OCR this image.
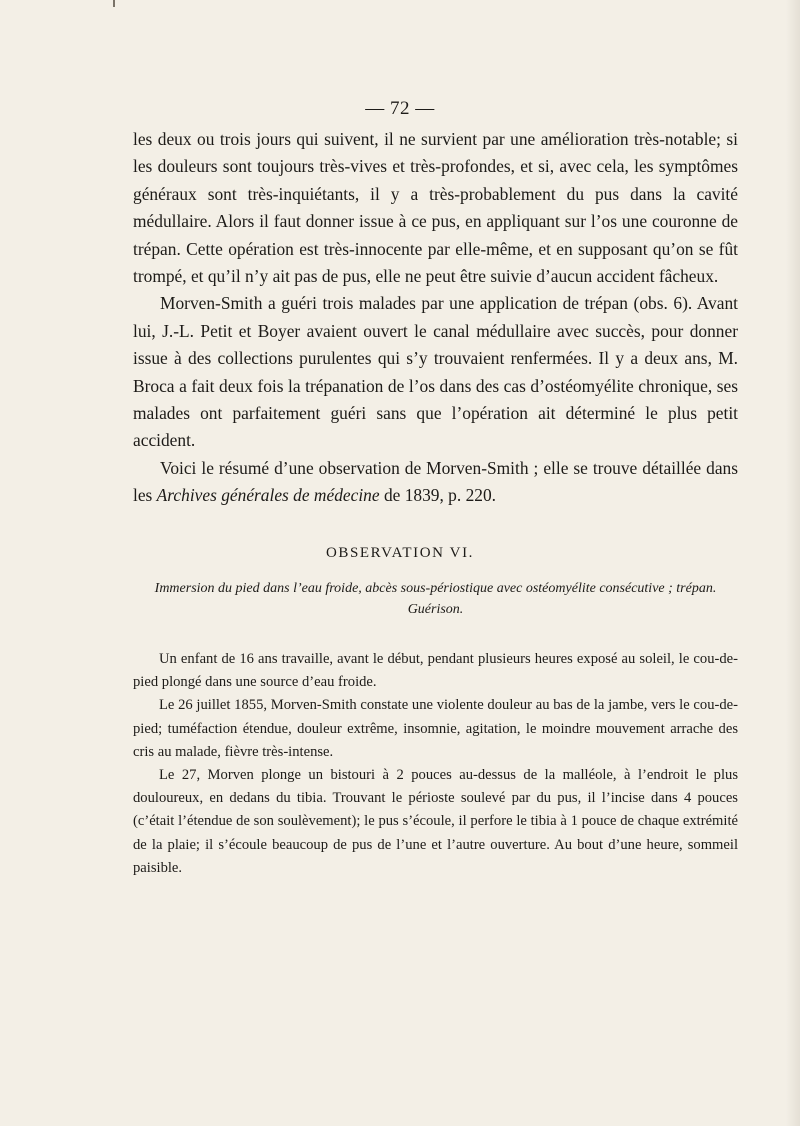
— 72 —

les deux ou trois jours qui suivent, il ne survient par une amélioration très-notable; si les douleurs sont toujours très-vives et très-profondes, et si, avec cela, les symptômes généraux sont très-inquiétants, il y a très-probablement du pus dans la cavité médullaire. Alors il faut donner issue à ce pus, en appliquant sur l’os une couronne de trépan. Cette opération est très-innocente par elle-même, et en supposant qu’on se fût trompé, et qu’il n’y ait pas de pus, elle ne peut être suivie d’aucun accident fâcheux.

Morven-Smith a guéri trois malades par une application de trépan (obs. 6). Avant lui, J.-L. Petit et Boyer avaient ouvert le canal médullaire avec succès, pour donner issue à des collections purulentes qui s’y trouvaient renfermées. Il y a deux ans, M. Broca a fait deux fois la trépanation de l’os dans des cas d’ostéomyélite chronique, ses malades ont parfaitement guéri sans que l’opération ait déterminé le plus petit accident.

Voici le résumé d’une observation de Morven-Smith ; elle se trouve détaillée dans les Archives générales de médecine de 1839, p. 220.

OBSERVATION VI.
Immersion du pied dans l’eau froide, abcès sous-périostique avec ostéomyélite consécutive ; trépan. Guérison.

Un enfant de 16 ans travaille, avant le début, pendant plusieurs heures exposé au soleil, le cou-de-pied plongé dans une source d’eau froide.

Le 26 juillet 1855, Morven-Smith constate une violente douleur au bas de la jambe, vers le cou-de-pied; tuméfaction étendue, douleur extrême, insomnie, agitation, le moindre mouvement arrache des cris au malade, fièvre très-intense.

Le 27, Morven plonge un bistouri à 2 pouces au-dessus de la malléole, à l’endroit le plus douloureux, en dedans du tibia. Trouvant le périoste soulevé par du pus, il l’incise dans 4 pouces (c’était l’étendue de son soulèvement); le pus s’écoule, il perfore le tibia à 1 pouce de chaque extrémité de la plaie; il s’écoule beaucoup de pus de l’une et l’autre ouverture. Au bout d’une heure, sommeil paisible.
